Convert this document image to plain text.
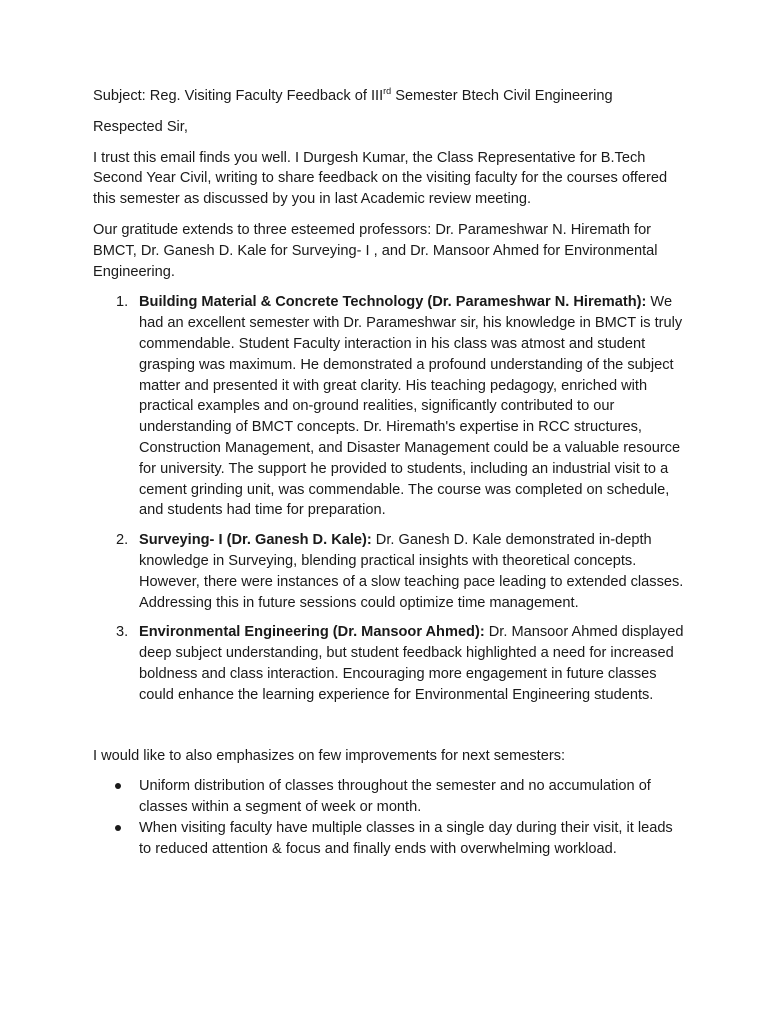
Subject: Reg. Visiting Faculty Feedback of IIIrd Semester Btech Civil Engineering

Respected Sir,

I trust this email finds you well. I Durgesh Kumar, the Class Representative for B.Tech Second Year Civil, writing to share feedback on the visiting faculty for the courses offered this semester as discussed by you in last Academic review meeting.

Our gratitude extends to three esteemed professors: Dr. Parameshwar N. Hiremath for BMCT, Dr. Ganesh D. Kale for Surveying- I , and Dr. Mansoor Ahmed for Environmental Engineering.

1. Building Material & Concrete Technology (Dr. Parameshwar N. Hiremath): We had an excellent semester with Dr. Parameshwar sir, his knowledge in BMCT is truly commendable. Student Faculty interaction in his class was atmost and student grasping was maximum. He demonstrated a profound understanding of the subject matter and presented it with great clarity. His teaching pedagogy, enriched with practical examples and on-ground realities, significantly contributed to our understanding of BMCT concepts. Dr. Hiremath's expertise in RCC structures, Construction Management, and Disaster Management could be a valuable resource for university. The support he provided to students, including an industrial visit to a cement grinding unit, was commendable. The course was completed on schedule, and students had time for preparation.
2. Surveying- I (Dr. Ganesh D. Kale): Dr. Ganesh D. Kale demonstrated in-depth knowledge in Surveying, blending practical insights with theoretical concepts. However, there were instances of a slow teaching pace leading to extended classes. Addressing this in future sessions could optimize time management.
3. Environmental Engineering (Dr. Mansoor Ahmed): Dr. Mansoor Ahmed displayed deep subject understanding, but student feedback highlighted a need for increased boldness and class interaction. Encouraging more engagement in future classes could enhance the learning experience for Environmental Engineering students.

I would like to also emphasizes on few improvements for next semesters:

Uniform distribution of classes throughout the semester and no accumulation of classes within a segment of week or month.
When visiting faculty have multiple classes in a single day during their visit, it leads to reduced attention & focus and finally ends with overwhelming workload.
